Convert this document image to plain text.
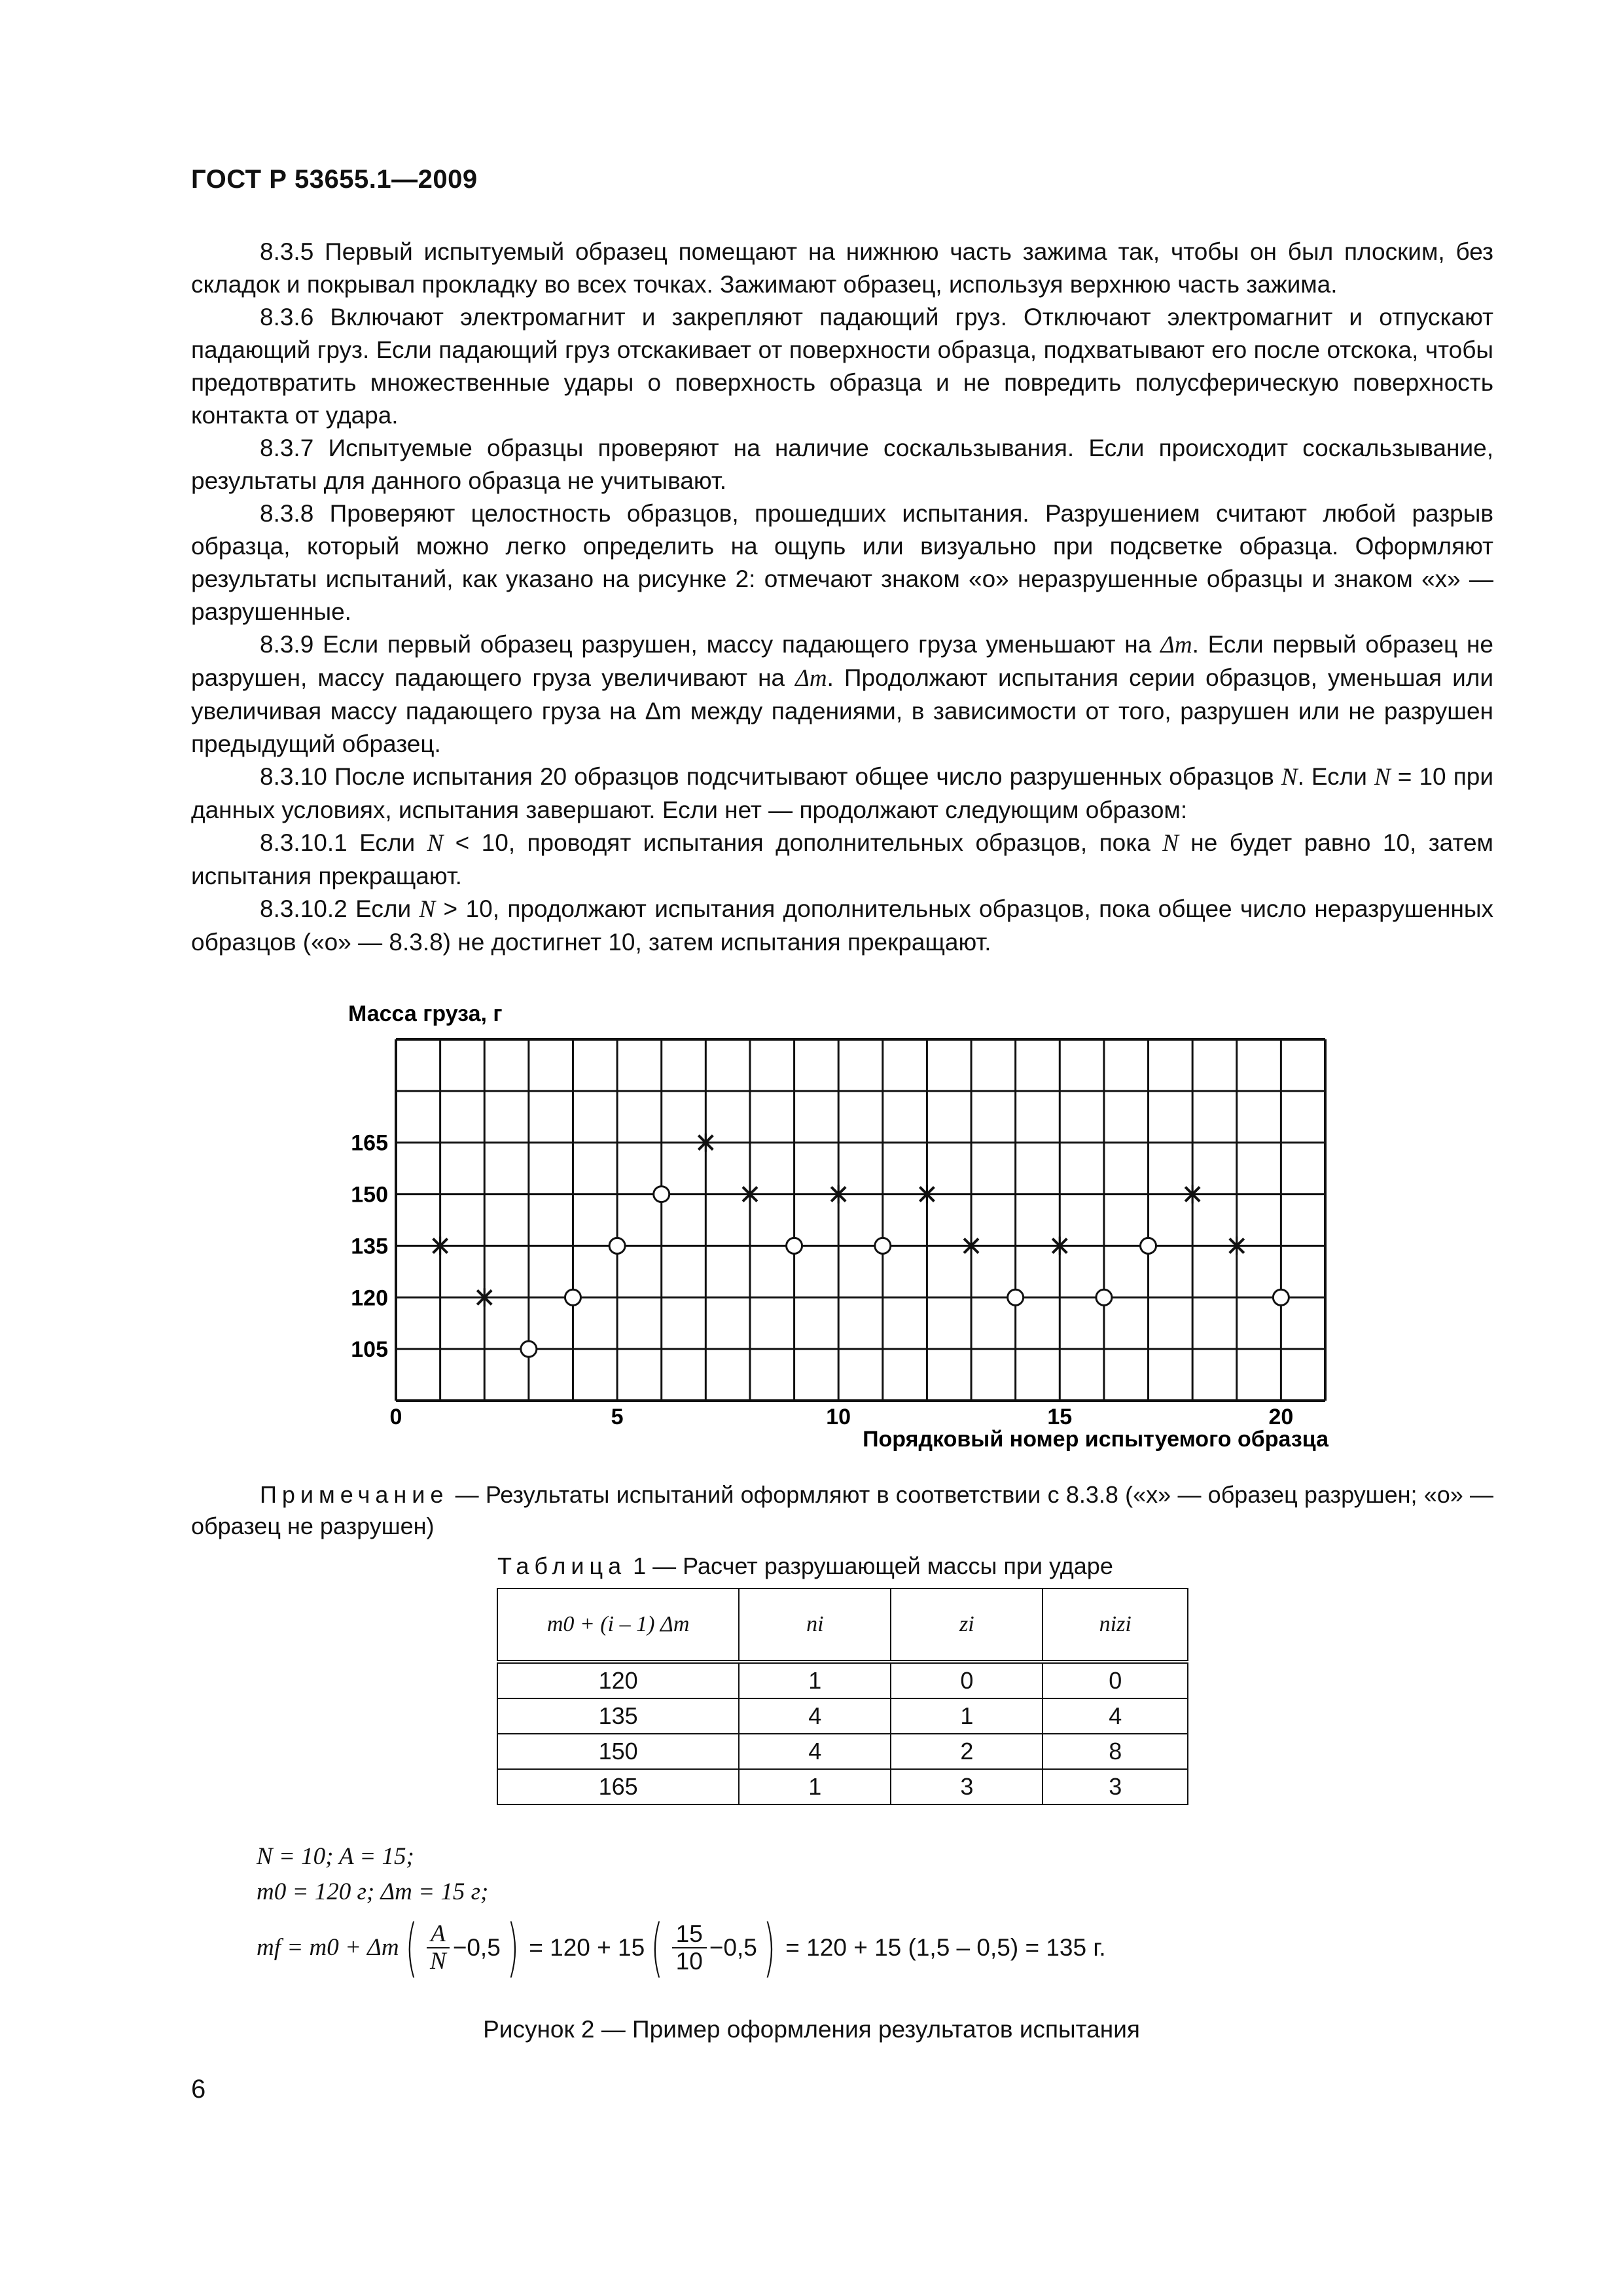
ГОСТ Р 53655.1—2009

8.3.5 Первый испытуемый образец помещают на нижнюю часть зажима так, чтобы он был плоским, без складок и покрывал прокладку во всех точках. Зажимают образец, используя верхнюю часть зажима.

8.3.6 Включают электромагнит и закрепляют падающий груз. Отключают электромагнит и отпускают падающий груз. Если падающий груз отскакивает от поверхности образца, подхватывают его после отскока, чтобы предотвратить множественные удары о поверхность образца и не повредить полусферическую поверхность контакта от удара.

8.3.7 Испытуемые образцы проверяют на наличие соскальзывания. Если происходит соскальзывание, результаты для данного образца не учитывают.

8.3.8 Проверяют целостность образцов, прошедших испытания. Разрушением считают любой разрыв образца, который можно легко определить на ощупь или визуально при подсветке образца. Оформляют результаты испытаний, как указано на рисунке 2: отмечают знаком «о» неразрушенные образцы и знаком «х» — разрушенные.

8.3.9 Если первый образец разрушен, массу падающего груза уменьшают на Δm. Если первый образец не разрушен, массу падающего груза увеличивают на Δm. Продолжают испытания серии образцов, уменьшая или увеличивая массу падающего груза на Δm между падениями, в зависимости от того, разрушен или не разрушен предыдущий образец.

8.3.10 После испытания 20 образцов подсчитывают общее число разрушенных образцов N. Если N = 10 при данных условиях, испытания завершают. Если нет — продолжают следующим образом:

8.3.10.1 Если N < 10, проводят испытания дополнительных образцов, пока N не будет равно 10, затем испытания прекращают.

8.3.10.2 Если N > 10, продолжают испытания дополнительных образцов, пока общее число неразрушенных образцов («о» — 8.3.8) не достигнет 10, затем испытания прекращают.

Масса груза, г
Порядковый номер испытуемого образца
0	5	10	15	20
105
120
135
150
165
Примечание — Результаты испытаний оформляют в соответствии с 8.3.8 («х» — образец разрушен; «о» — образец не разрушен)
Таблица 1 — Расчет разрушающей массы при ударе
m0 + (i – 1) Δm	ni	zi	nizi
120	1	0	0
135	4	1	4
150	4	2	8
165	1	3	3
N = 10; A = 15;
m0 = 120 г; Δm = 15 г;
mf = m0 + Δm ( $\frac{A}{N} -0,5$ ) = 120 + 15 ( $\frac{15}{10} -0,5$ ) = 120 + 15 (1,5 – 0,5) = 135 г.
Рисунок 2 — Пример оформления результатов испытания
6
